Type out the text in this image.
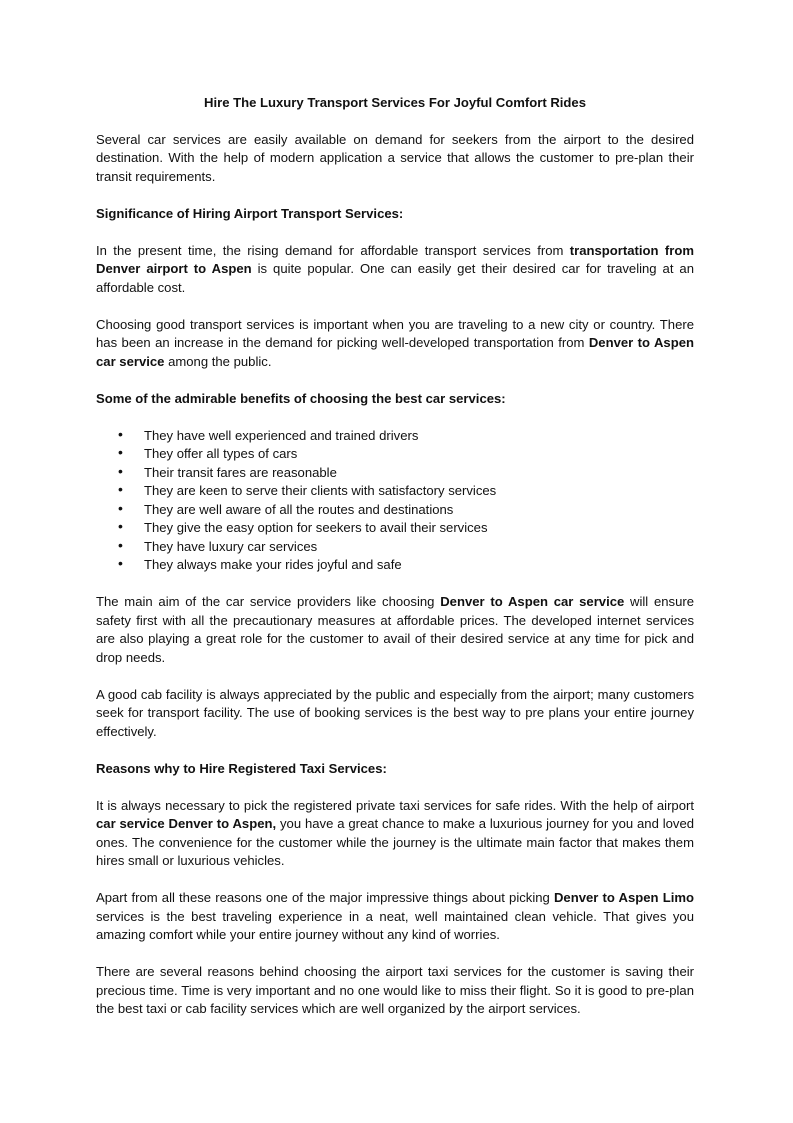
Hire The Luxury Transport Services For Joyful Comfort Rides

Several car services are easily available on demand for seekers from the airport to the desired destination. With the help of modern application a service that allows the customer to pre-plan their transit requirements.

Significance of Hiring Airport Transport Services:

In the present time, the rising demand for affordable transport services from transportation from Denver airport to Aspen is quite popular. One can easily get their desired car for traveling at an affordable cost.

Choosing good transport services is important when you are traveling to a new city or country. There has been an increase in the demand for picking well-developed transportation from Denver to Aspen car service among the public.

Some of the admirable benefits of choosing the best car services:
• They have well experienced and trained drivers
• They offer all types of cars
• Their transit fares are reasonable
• They are keen to serve their clients with satisfactory services
• They are well aware of all the routes and destinations
• They give the easy option for seekers to avail their services
• They have luxury car services
• They always make your rides joyful and safe

The main aim of the car service providers like choosing Denver to Aspen car service will ensure safety first with all the precautionary measures at affordable prices. The developed internet services are also playing a great role for the customer to avail of their desired service at any time for pick and drop needs.

A good cab facility is always appreciated by the public and especially from the airport; many customers seek for transport facility. The use of booking services is the best way to pre plans your entire journey effectively.

Reasons why to Hire Registered Taxi Services:

It is always necessary to pick the registered private taxi services for safe rides. With the help of airport car service Denver to Aspen, you have a great chance to make a luxurious journey for you and loved ones. The convenience for the customer while the journey is the ultimate main factor that makes them hires small or luxurious vehicles.

Apart from all these reasons one of the major impressive things about picking Denver to Aspen Limo services is the best traveling experience in a neat, well maintained clean vehicle. That gives you amazing comfort while your entire journey without any kind of worries.

There are several reasons behind choosing the airport taxi services for the customer is saving their precious time. Time is very important and no one would like to miss their flight. So it is good to pre-plan the best taxi or cab facility services which are well organized by the airport services.
